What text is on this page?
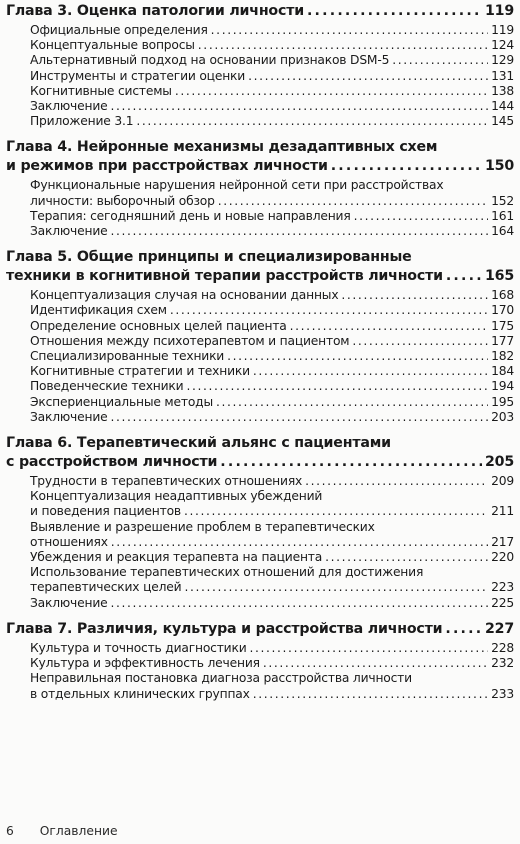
Глава 3. Оценка патологии личности .....	119
Официальные определения .....	119
Концептуальные вопросы .....	124
Альтернативный подход на основании признаков DSM-5 .....	129
Инструменты и стратегии оценки .....	131
Когнитивные системы .....	138
Заключение .....	144
Приложение 3.1 .....	145
Глава 4. Нейронные механизмы дезадаптивных схем
и режимов при расстройствах личности .....	150
Функциональные нарушения нейронной сети при расстройствах
личности: выборочный обзор .....	152
Терапия: сегодняшний день и новые направления .....	161
Заключение .....	164
Глава 5. Общие принципы и специализированные
техники в когнитивной терапии расстройств личности .....	165
Концептуализация случая на основании данных .....	168
Идентификация схем .....	170
Определение основных целей пациента .....	175
Отношения между психотерапевтом и пациентом .....	177
Специализированные техники .....	182
Когнитивные стратегии и техники .....	184
Поведенческие техники .....	194
Экспериенциальные методы .....	195
Заключение .....	203
Глава 6. Терапевтический альянс с пациентами
с расстройством личности .....	205
Трудности в терапевтических отношениях .....	209
Концептуализация неадаптивных убеждений
и поведения пациентов .....	211
Выявление и разрешение проблем в терапевтических
отношениях .....	217
Убеждения и реакция терапевта на пациента .....	220
Использование терапевтических отношений для достижения
терапевтических целей .....	223
Заключение .....	225
Глава 7. Различия, культура и расстройства личности .....	227
Культура и точность диагностики .....	228
Культура и эффективность лечения .....	232
Неправильная постановка диагноза расстройства личности
в отдельных клинических группах .....	233
6 Оглавление
